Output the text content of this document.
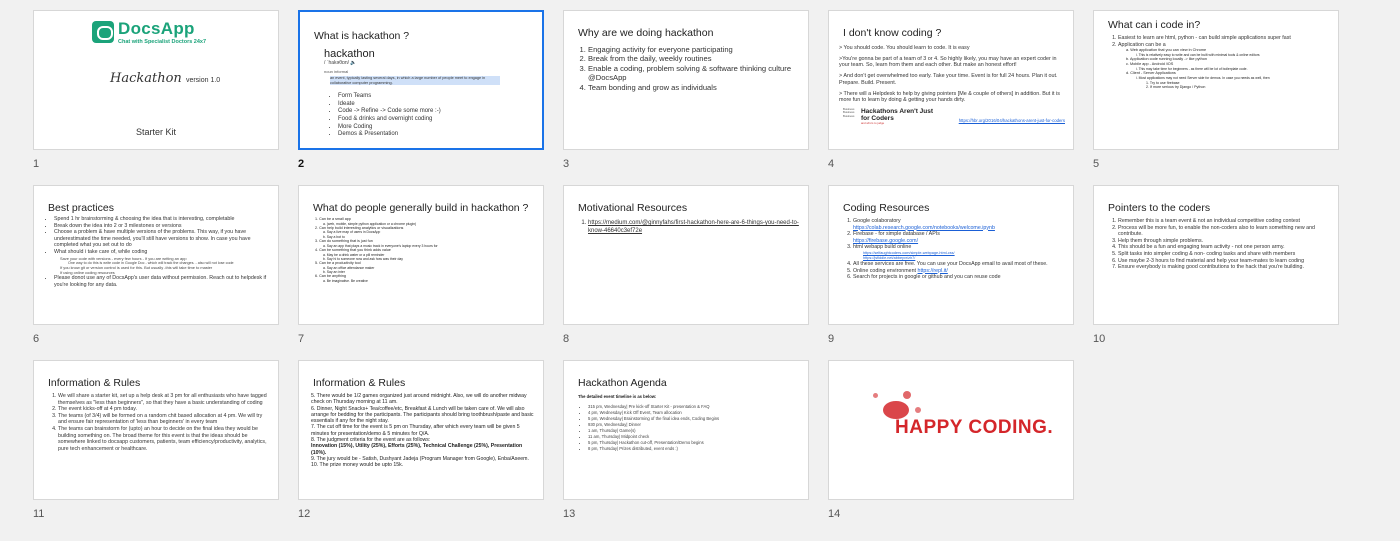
DocsApp
Chat with Specialist Doctors 24x7
Hackathon version 1.0
Starter Kit
1
What is hackathon ?
hackathon
/ ˈhakəθɒn/ 🔈
noun informal
an event, typically lasting several days, in which a large number of people meet to engage in collaborative computer programming.
• Form Teams
• Ideate
• Code -> Refine -> Code some more :-)
• Food & drinks and overnight coding
• More Coding
• Demos & Presentation
2
Why are we doing hackathon
1. Engaging activity for everyone participating
2. Break from the daily, weekly routines
3. Enable a coding, problem solving & software thinking culture @DocsApp
4. Team bonding and grow as individuals
3
I don't know coding ?

> You should code. You should learn to code. It is easy

>You're gonna be part of a team of 3 or 4. So highly likely, you may have an expert coder in your team. So, learn from them and each other. But make an honest effort!

> And don't get overwhelmed too early. Take your time. Event is for full 24 hours. Plan it out. Prepare. Build. Present.

> There will a Helpdesk to help by giving pointers [Me & couple of others] in addition. But it is more fun to learn by doing & getting your hands dirty.

Business Business Business
Hackathons Aren't Just for Coders
and who's to judge	https://hbr.org/2016/04/hackathons-arent-just-for-coders
4
What can i code in?
1. Easiest to learn are html, python - can build simple applications super fast
2. Application can be a
a. Web application that you can view in Chrome
i. This is relatively easy to write and can be built with minimal tools & online editors
b. Application code running locally -> like python
c. Mobile app - Android /iOS
i. This may take time for beginners - as there will be lot of boilerplate code.
d. Client - Server Applications
i. Most applications may not need Server side for demos. In case you needs as well, then
1. Try to use firebase
2. If more serious try Django / Python
5
Best practices
• Spend 1 hr brainstorming & choosing the idea that is interesting, completable
• Break down the idea into 2 or 3 milestones or versions
• Choose a problem & have multiple versions of the problems. This way, if you have underestimated the time needed, you'll still have versions to show. In case you have completed what you set out to do
• What should i take care of, while coding
Save your code with versions - every few hours - If you are writing an app
One way to do this is write code in Google Doc - which will track the changes. - also will not lose code
If you know git or version control is used for this. But usually -this will take time to master
If using online coding resources
• Please donot use any of DocsApp's user data without permission. Reach out to helpdesk if you're looking for any data.
6
What do people generally build in hackathon ?
1. Can be a small app
a. (web, mobile, simple python application or a chrome plugin)
2. Can help build interesting analytics or visualizations
a. Say a live map of users in DocsApp
b. Say a bot to
3. Can do something that is just fun
a. Say an app that plays a music track in everyone's laptop every 3 hours for
4. Can be something that you think adds value
a. May be a drink water or a pill reminder
b. Say hi to someone now and ask how was their day
5. Can be a productivity tool
a. Say an office attendance maker
b. Say an inter
6. Can be anything
a. Be imaginative. Be creative
7
Motivational Resources
1. https://medium.com/@ginnyfahs/first-hackathon-here-are-6-things-you-need-to-know-46640c3ef72e
8
Coding Resources
1. Google colaboratory
https://colab.research.google.com/notebooks/welcome.ipynb
2. Firebase - for simple database / APIs
https://firebase.google.com/
3. html webapp build online
https://selfaughtcoders.com/simple-webpage-html-css/
https://jsfiddle.net/abbeyvr/zh7/
4. All these services are free. You can use your DocsApp email to avail most of these.
5. Online coding environment https://repl.it/
6. Search for projects in google or github and you can reuse code
9
Pointers to the coders
1. Remember this is a team event & not an individual competitive coding contest
2. Process will be more fun, to enable the non-coders also to learn something new and contribute.
3. Help them through simple problems.
4. This should be a fun and engaging team activity - not one person army.
5. Split tasks into simpler coding & non- coding tasks and share with members
6. Use maybe 2-3 hours to find material and help your team-mates to learn coding
7. Ensure everybody is making good contributions to the hack that you're building.
10
Information & Rules
1. We will share a starter kit, set up a help desk at 3 pm for all enthusiasts who have tagged themselves as "less than beginners", so that they have a basic understanding of coding
2. The event kicks-off at 4 pm today.
3. The teams (of 3/4) will be formed on a random chit based allocation at 4 pm. We will try and ensure fair representation of 'less than beginners' in every team
4. The teams can brainstorm for (upto) an hour to decide on the final idea they would be building something on. The broad theme for this event is that the ideas should be somewhere linked to docsapp customers, patients, team efficiency/productivity, analytics, pure tech enhancement or healthcare.
11
Information & Rules
5. There would be 1/2 games organized just around midnight. Also, we will do another midway check on Thursday morning at 11 am.
6. Dinner, Night Snacks+ Tea/coffee/etc, Breakfast & Lunch will be taken care of. We will also arrange for bedding for the participants. The participants should bring toothbrush/paste and basic essentials if any for the night stay.
7. The cut off time for the event is 5 pm on Thursday, after which every team will be given 5 minutes for presentation/demo & 5 minutes for Q/A.
8. The judgment criteria for the event are as follows:
Innovation (15%), Utility (25%), Efforts (25%), Technical Challenge (25%), Presentation (10%).
9. The jury would be - Satish, Dushyant Jadeja (Program Manager from Google), Enba/Aseem.
10. The prize money would be upto 15k.
12
Hackathon Agenda
The detailed event timeline is as below:
• 315 pm, Wednesday| Pre kick-off Starter Kit - presentation & FAQ
• 4 pm, Wednesday| Kick Off Event, Team allocation
• 5 pm, Wednesday| Brainstorming of the final idea ends, Coding Begins
• 930 pm, Wednesday| Dinner
• 1 am, Thursday| Game(s)
• 11 am, Thursday| Midpoint check
• 5 pm, Thursday| Hackathon cut-off, Presentation/Demo begins
• 8 pm, Thursday| Prizes distributed, event ends :)
13
HAPPY CODING.
14
